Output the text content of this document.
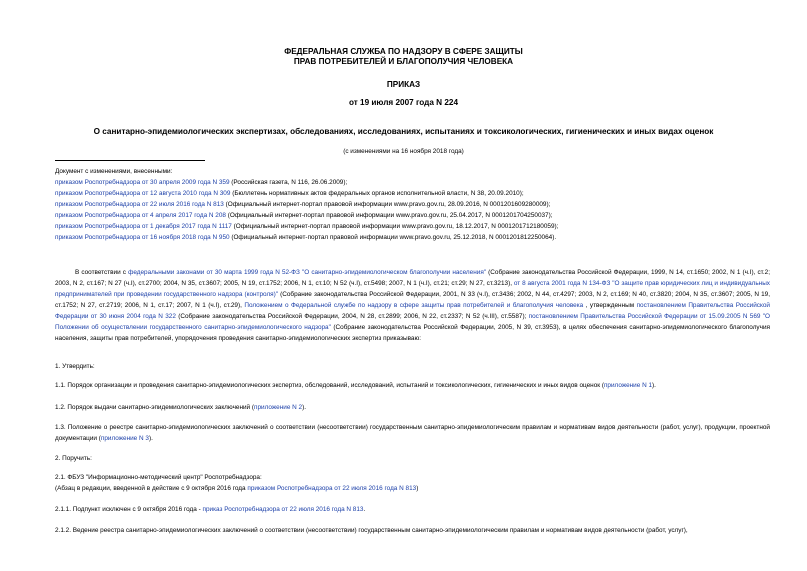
ФЕДЕРАЛЬНАЯ СЛУЖБА ПО НАДЗОРУ В СФЕРЕ ЗАЩИТЫ
ПРАВ ПОТРЕБИТЕЛЕЙ И БЛАГОПОЛУЧИЯ ЧЕЛОВЕКА
ПРИКАЗ
от 19 июля 2007 года N 224
О санитарно-эпидемиологических экспертизах, обследованиях, исследованиях, испытаниях и токсикологических, гигиенических и иных видах оценок
(с изменениями на 16 ноября 2018 года)
Документ с изменениями, внесенными:
приказом Роспотребнадзора от 30 апреля 2009 года N 359 (Российская газета, N 116, 26.06.2009);
приказом Роспотребнадзора от 12 августа 2010 года N 309 (Бюллетень нормативных актов федеральных органов исполнительной власти, N 38, 20.09.2010);
приказом Роспотребнадзора от 22 июля 2016 года N 813 (Официальный интернет-портал правовой информации www.pravo.gov.ru, 28.09.2016, N 0001201609280009);
приказом Роспотребнадзора от 4 апреля 2017 года N 208 (Официальный интернет-портал правовой информации www.pravo.gov.ru, 25.04.2017, N 0001201704250037);
приказом Роспотребнадзора от 1 декабря 2017 года N 1117 (Официальный интернет-портал правовой информации www.pravo.gov.ru, 18.12.2017, N 0001201712180059);
приказом Роспотребнадзора от 16 ноября 2018 года N 950 (Официальный интернет-портал правовой информации www.pravo.gov.ru, 25.12.2018, N 0001201812250064).
В соответствии с федеральными законами от 30 марта 1999 года N 52-ФЗ "О санитарно-эпидемиологическом благополучии населения" (Собрание законодательства Российской Федерации, 1999, N 14, ст.1650; 2002, N 1 (ч.I), ст.2; 2003, N 2, ст.167; N 27 (ч.I), ст.2700; 2004, N 35, ст.3607; 2005, N 19, ст.1752; 2006, N 1, ст.10; N 52 (ч.I), ст.5498; 2007, N 1 (ч.I), ст.21; ст.29; N 27, ст.3213), от 8 августа 2001 года N 134-ФЗ "О защите прав юридических лиц и индивидуальных предпринимателей при проведении государственного надзора (контроля)" (Собрание законодательства Российской Федерации, 2001, N 33 (ч.I), ст.3436; 2002, N 44, ст.4297; 2003, N 2, ст.169; N 40, ст.3820; 2004, N 35, ст.3607; 2005, N 19, ст.1752; N 27, ст.2719; 2006, N 1, ст.17; 2007, N 1 (ч.I), ст.29), Положением о Федеральной службе по надзору в сфере защиты прав потребителей и благополучия человека , утвержденным постановлением Правительства Российской Федерации от 30 июня 2004 года N 322 (Собрание законодательства Российской Федерации, 2004, N 28, ст.2899; 2006, N 22, ст.2337; N 52 (ч.III), ст.5587); постановлением Правительства Российской Федерации от 15.09.2005 N 569 "О Положении об осуществлении государственного санитарно-эпидемиологического надзора" (Собрание законодательства Российской Федерации, 2005, N 39, ст.3953), в целях обеспечения санитарно-эпидемиологического благополучия населения, защиты прав потребителей, упорядочения проведения санитарно-эпидемиологических экспертиз приказываю:
1. Утвердить:
1.1. Порядок организации и проведения санитарно-эпидемиологических экспертиз, обследований, исследований, испытаний и токсикологических, гигиенических и иных видов оценок (приложение N 1).
1.2. Порядок выдачи санитарно-эпидемиологических заключений (приложение N 2).
1.3. Положение о реестре санитарно-эпидемиологических заключений о соответствии (несоответствии) государственным санитарно-эпидемиологическим правилам и нормативам видов деятельности (работ, услуг), продукции, проектной документации (приложение N 3).
2. Поручить:
2.1. ФБУЗ "Информационно-методический центр" Роспотребнадзора:
(Абзац в редакции, введенной в действие с 9 октября 2016 года приказом Роспотребнадзора от 22 июля 2016 года N 813)
2.1.1. Подпункт исключен с 9 октября 2016 года - приказ Роспотребнадзора от 22 июля 2016 года N 813.
2.1.2. Ведение реестра санитарно-эпидемиологических заключений о соответствии (несоответствии) государственным санитарно-эпидемиологическим правилам и нормативам видов деятельности (работ, услуг),
